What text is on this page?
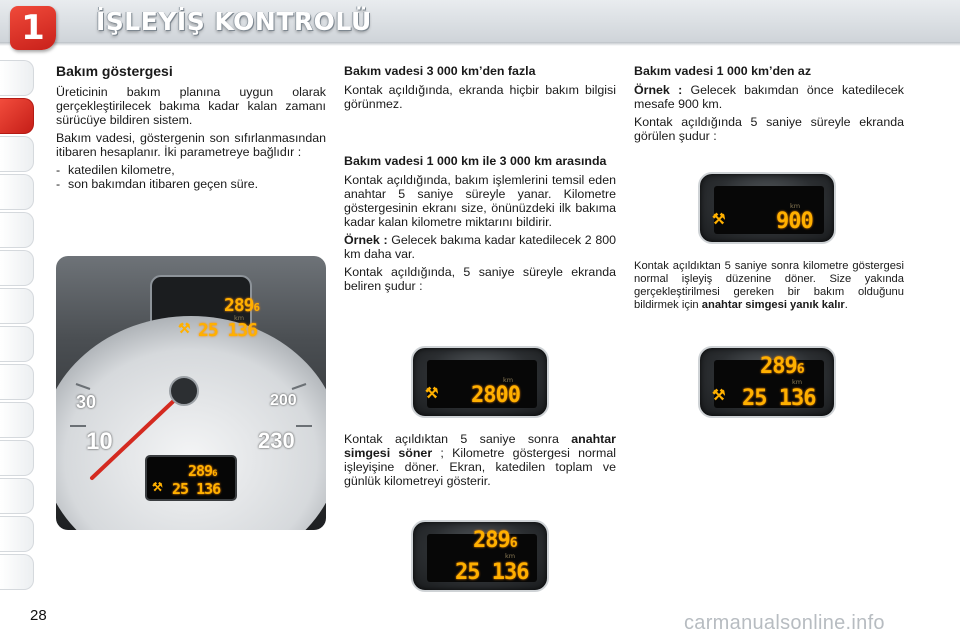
1	İŞLEYİŞ KONTROLÜ
Bakım göstergesi

Üreticinin bakım planına uygun olarak gerçekleştirilecek bakıma kadar kalan zamanı sürücüye bildiren sistem.

Bakım vadesi, göstergenin son sıfırlanmasından itibaren hesaplanır. İki parametreye bağlıdır :

- katedilen kilometre,
- son bakımdan itibaren geçen süre.
2896
km
⚒ 25 136
30
10
200
230
2896
⚒ 25 136
Bakım vadesi 3 000 km’den fazla

Kontak açıldığında, ekranda hiçbir bakım bilgisi görünmez.

Bakım vadesi 1 000 km ile 3 000 km arasında

Kontak açıldığında, bakım işlemlerini temsil eden anahtar 5 saniye süreyle yanar. Kilometre göstergesinin ekranı size, önünüzdeki ilk bakıma kadar kalan kilometre miktarını bildirir.

Örnek : Gelecek bakıma kadar katedilecek 2 800 km daha var.

Kontak açıldığında, 5 saniye süreyle ekranda beliren şudur :

km
⚒ 2800

Kontak açıldıktan 5 saniye sonra anahtar simgesi söner ; Kilometre göstergesi normal işleyişine döner. Ekran, katedilen toplam ve günlük kilometreyi gösterir.

2896
km
25 136
Bakım vadesi 1 000 km’den az

Örnek : Gelecek bakımdan önce katedilecek mesafe 900 km.

Kontak açıldığında 5 saniye süreyle ekranda görülen şudur :

km
⚒ 900

Kontak açıldıktan 5 saniye sonra kilometre göstergesi normal işleyiş düzenine döner. Size yakında gerçekleştirilmesi gereken bir bakım olduğunu bildirmek için anahtar simgesi yanık kalır.

2896
km
⚒ 25 136
28	carmanualsonline.info
